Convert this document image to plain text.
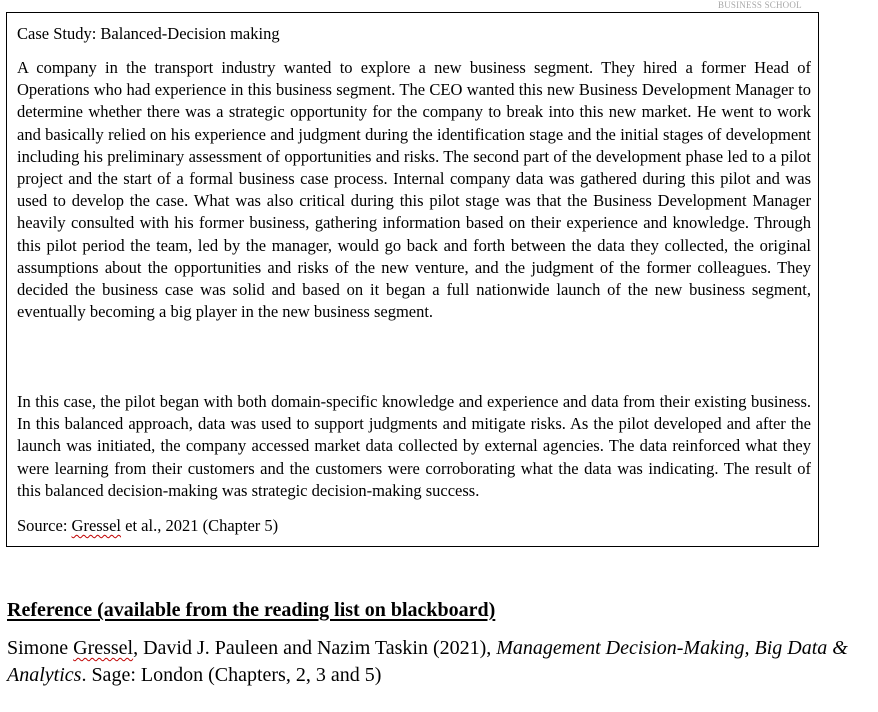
BUSINESS SCHOOL
Case Study: Balanced-Decision making

A company in the transport industry wanted to explore a new business segment. They hired a former Head of Operations who had experience in this business segment. The CEO wanted this new Business Development Manager to determine whether there was a strategic opportunity for the company to break into this new market. He went to work and basically relied on his experience and judgment during the identification stage and the initial stages of development including his preliminary assessment of opportunities and risks. The second part of the development phase led to a pilot project and the start of a formal business case process. Internal company data was gathered during this pilot and was used to develop the case. What was also critical during this pilot stage was that the Business Development Manager heavily consulted with his former business, gathering information based on their experience and knowledge. Through this pilot period the team, led by the manager, would go back and forth between the data they collected, the original assumptions about the opportunities and risks of the new venture, and the judgment of the former colleagues. They decided the business case was solid and based on it began a full nationwide launch of the new business segment, eventually becoming a big player in the new business segment.

In this case, the pilot began with both domain-specific knowledge and experience and data from their existing business. In this balanced approach, data was used to support judgments and mitigate risks. As the pilot developed and after the launch was initiated, the company accessed market data collected by external agencies. The data reinforced what they were learning from their customers and the customers were corroborating what the data was indicating. The result of this balanced decision-making was strategic decision-making success.

Source: Gressel et al., 2021 (Chapter 5)
Reference (available from the reading list on blackboard)

Simone Gressel, David J. Pauleen and Nazim Taskin (2021), Management Decision-Making, Big Data & Analytics. Sage: London (Chapters, 2, 3 and 5)
